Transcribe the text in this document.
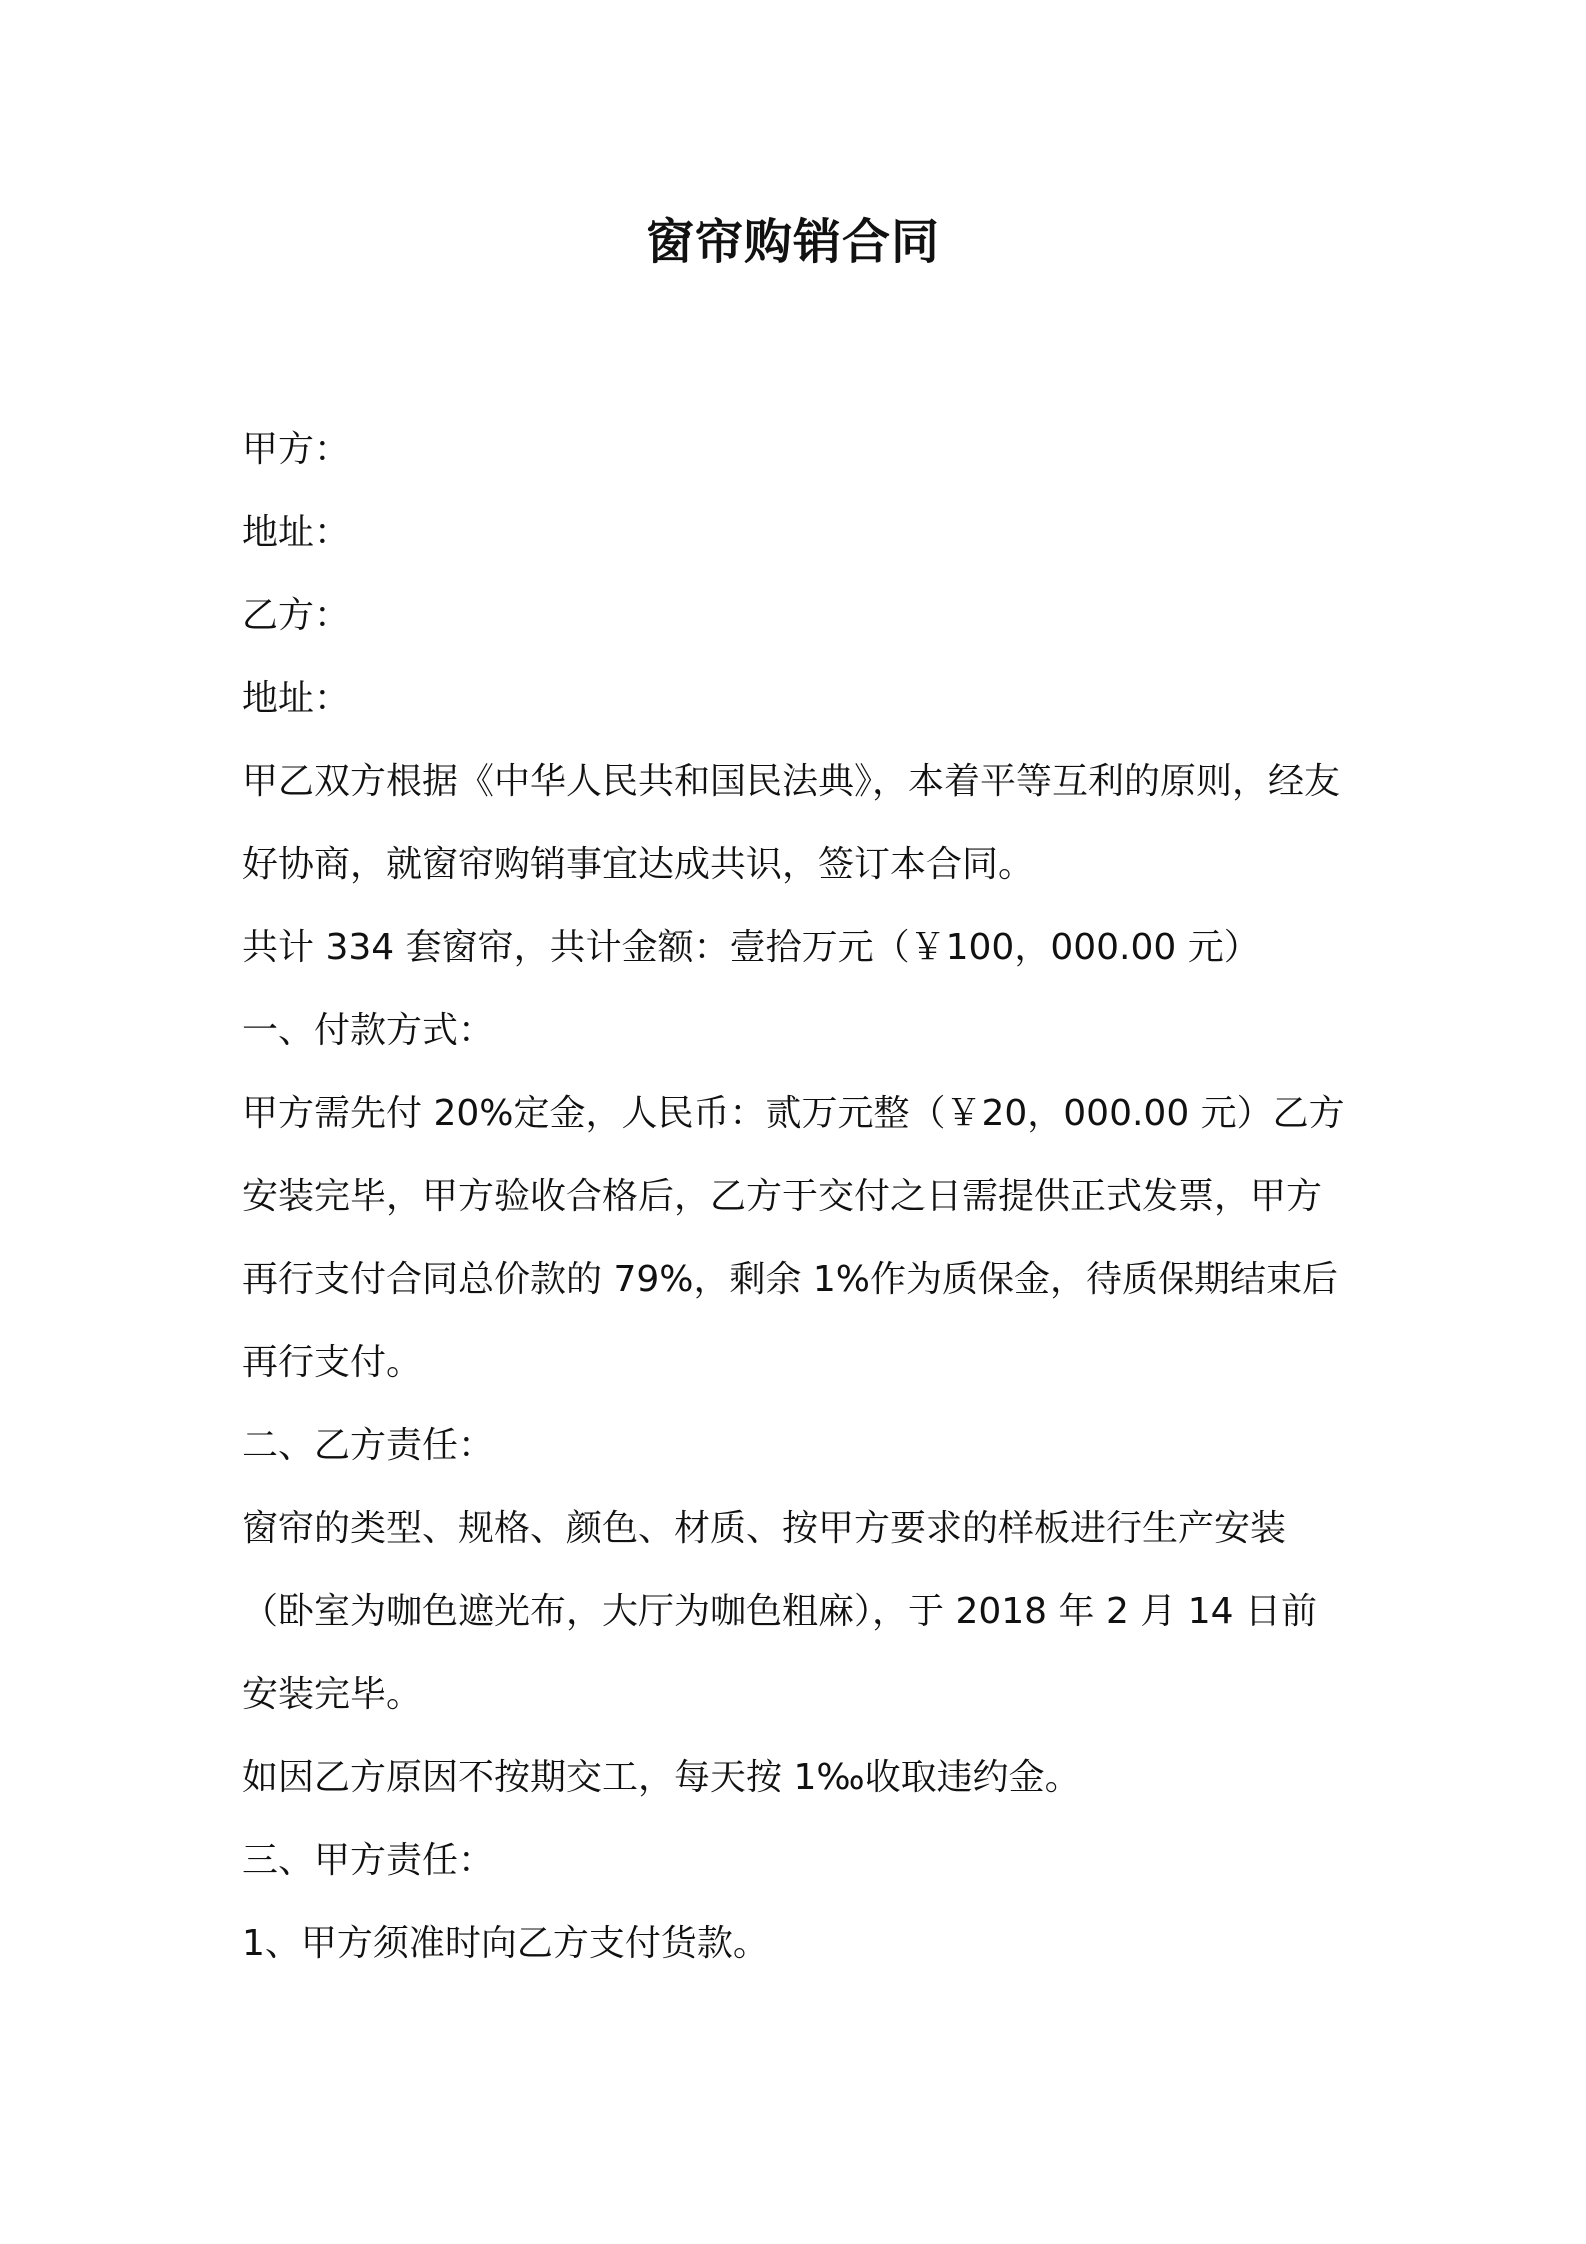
窗帘购销合同

甲方：

地址：

乙方：

地址：

甲乙双方根据《中华人民共和国民法典》，本着平等互利的原则，经友好协商，就窗帘购销事宜达成共识，签订本合同。

共计 334 套窗帘，共计金额：壹拾万元（￥100，000.00 元）

一、付款方式：

甲方需先付 20%定金，人民币：贰万元整（￥20，000.00 元）乙方安装完毕，甲方验收合格后，乙方于交付之日需提供正式发票，甲方再行支付合同总价款的 79%，剩余 1%作为质保金，待质保期结束后再行支付。

二、乙方责任：

窗帘的类型、规格、颜色、材质、按甲方要求的样板进行生产安装（卧室为咖色遮光布，大厅为咖色粗麻），于 2018 年 2 月 14 日前安装完毕。

如因乙方原因不按期交工，每天按 1‰收取违约金。

三、甲方责任：

1、甲方须准时向乙方支付货款。
